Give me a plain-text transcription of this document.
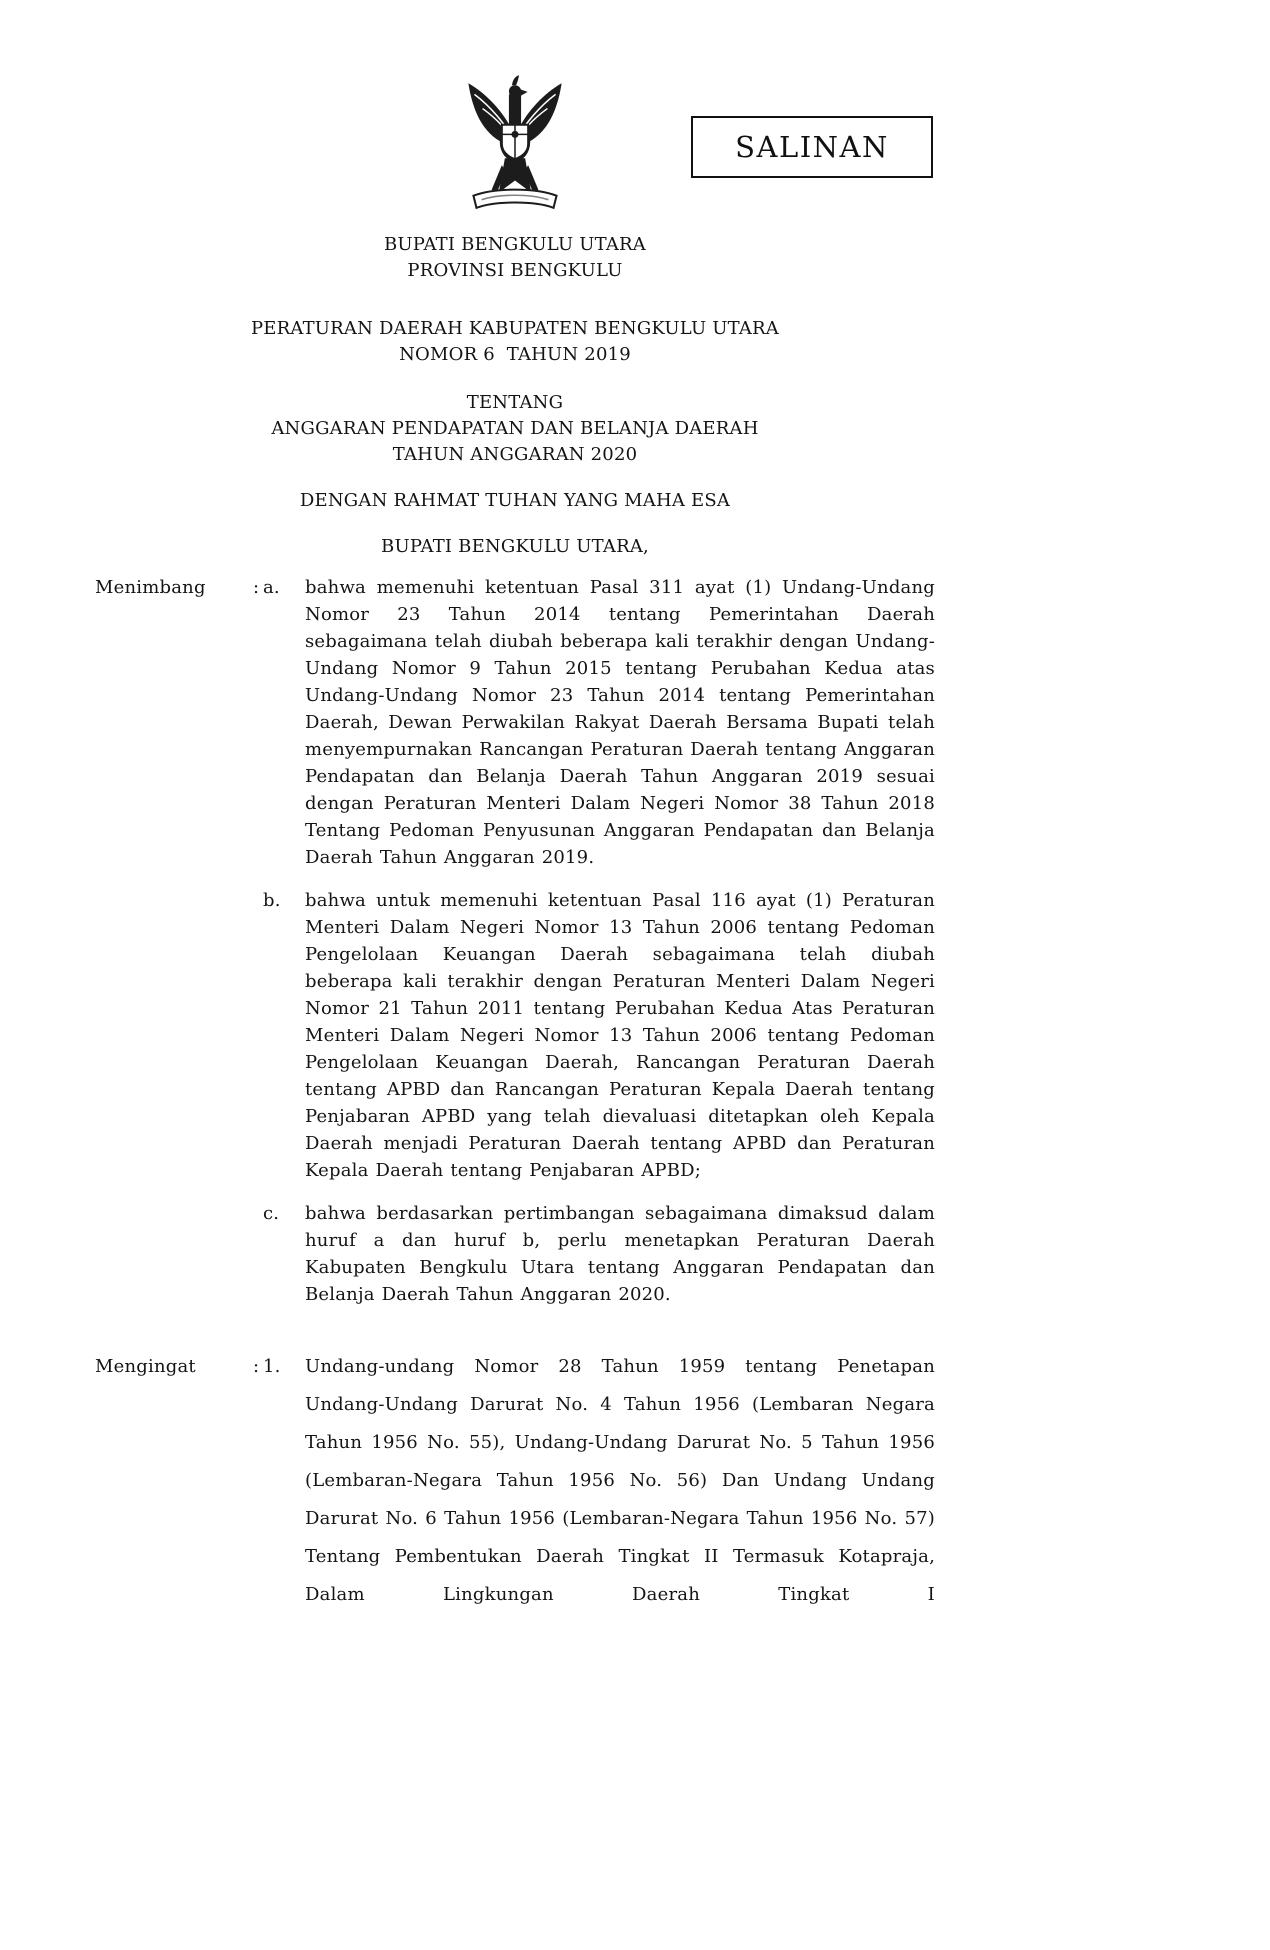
SALINAN
BUPATI BENGKULU UTARA
PROVINSI BENGKULU
PERATURAN DAERAH KABUPATEN BENGKULU UTARA
NOMOR 6  TAHUN 2019
TENTANG
ANGGARAN PENDAPATAN DAN BELANJA DAERAH
TAHUN ANGGARAN 2020
DENGAN RAHMAT TUHAN YANG MAHA ESA
BUPATI BENGKULU UTARA,
Menimbang	: a.	bahwa memenuhi ketentuan Pasal 311 ayat (1) Undang-Undang Nomor 23 Tahun 2014 tentang Pemerintahan Daerah sebagaimana telah diubah beberapa kali terakhir dengan Undang-Undang Nomor 9 Tahun 2015 tentang Perubahan Kedua atas Undang-Undang Nomor 23 Tahun 2014 tentang Pemerintahan Daerah, Dewan Perwakilan Rakyat Daerah Bersama Bupati telah menyempurnakan Rancangan Peraturan Daerah tentang Anggaran Pendapatan dan Belanja Daerah Tahun Anggaran 2019 sesuai dengan Peraturan Menteri Dalam Negeri Nomor 38 Tahun 2018 Tentang Pedoman Penyusunan Anggaran Pendapatan dan Belanja Daerah Tahun Anggaran 2019.
b.	bahwa untuk memenuhi ketentuan Pasal 116 ayat (1) Peraturan Menteri Dalam Negeri Nomor 13 Tahun 2006 tentang Pedoman Pengelolaan Keuangan Daerah sebagaimana telah diubah beberapa kali terakhir dengan Peraturan Menteri Dalam Negeri Nomor 21 Tahun 2011 tentang Perubahan Kedua Atas Peraturan Menteri Dalam Negeri Nomor 13 Tahun 2006 tentang Pedoman Pengelolaan Keuangan Daerah, Rancangan Peraturan Daerah tentang APBD dan Rancangan Peraturan Kepala Daerah tentang Penjabaran APBD yang telah dievaluasi ditetapkan oleh Kepala Daerah menjadi Peraturan Daerah tentang APBD dan Peraturan Kepala Daerah tentang Penjabaran APBD;
c.	bahwa berdasarkan pertimbangan sebagaimana dimaksud dalam huruf a dan huruf b, perlu menetapkan Peraturan Daerah Kabupaten Bengkulu Utara tentang Anggaran Pendapatan dan Belanja Daerah Tahun Anggaran 2020.
Mengingat	: 1.	Undang-undang Nomor 28 Tahun 1959 tentang Penetapan Undang-Undang Darurat No. 4 Tahun 1956 (Lembaran Negara Tahun 1956 No. 55), Undang-Undang Darurat No. 5 Tahun 1956 (Lembaran-Negara Tahun 1956 No. 56) Dan Undang Undang Darurat No. 6 Tahun 1956 (Lembaran-Negara Tahun 1956 No. 57) Tentang Pembentukan Daerah Tingkat II Termasuk Kotapraja, Dalam Lingkungan Daerah Tingkat I
